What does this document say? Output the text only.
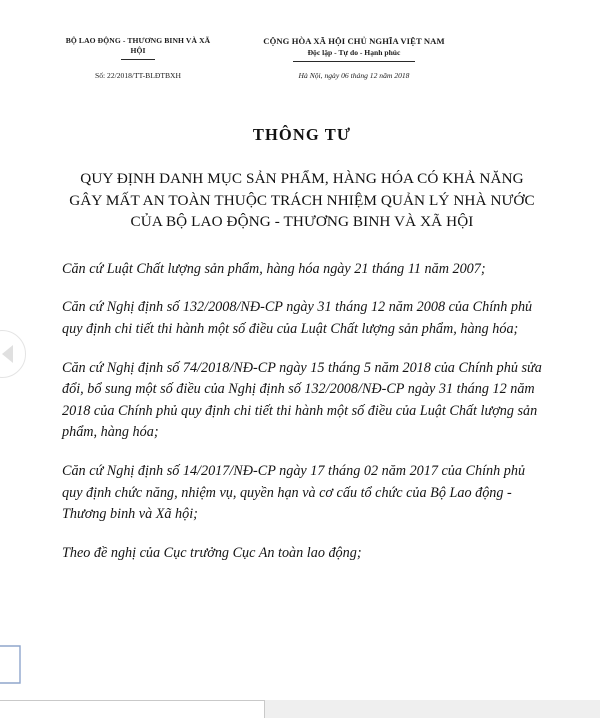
BỘ LAO ĐỘNG - THƯƠNG BINH VÀ XÃ HỘI
CỘNG HÒA XÃ HỘI CHỦ NGHĨA VIỆT NAM
Độc lập - Tự do - Hạnh phúc
Số: 22/2018/TT-BLĐTBXH	Hà Nội, ngày 06 tháng 12 năm 2018
THÔNG TƯ
QUY ĐỊNH DANH MỤC SẢN PHẨM, HÀNG HÓA CÓ KHẢ NĂNG GÂY MẤT AN TOÀN THUỘC TRÁCH NHIỆM QUẢN LÝ NHÀ NƯỚC CỦA BỘ LAO ĐỘNG - THƯƠNG BINH VÀ XÃ HỘI

Căn cứ Luật Chất lượng sản phẩm, hàng hóa ngày 21 tháng 11 năm 2007;

Căn cứ Nghị định số 132/2008/NĐ-CP ngày 31 tháng 12 năm 2008 của Chính phủ quy định chi tiết thi hành một số điều của Luật Chất lượng sản phẩm, hàng hóa;

Căn cứ Nghị định số 74/2018/NĐ-CP ngày 15 tháng 5 năm 2018 của Chính phủ sửa đổi, bổ sung một số điều của Nghị định số 132/2008/NĐ-CP ngày 31 tháng 12 năm 2018 của Chính phủ quy định chi tiết thi hành một số điều của Luật Chất lượng sản phẩm, hàng hóa;

Căn cứ Nghị định số 14/2017/NĐ-CP ngày 17 tháng 02 năm 2017 của Chính phủ quy định chức năng, nhiệm vụ, quyền hạn và cơ cấu tổ chức của Bộ Lao động - Thương binh và Xã hội;

Theo đề nghị của Cục trưởng Cục An toàn lao động;
